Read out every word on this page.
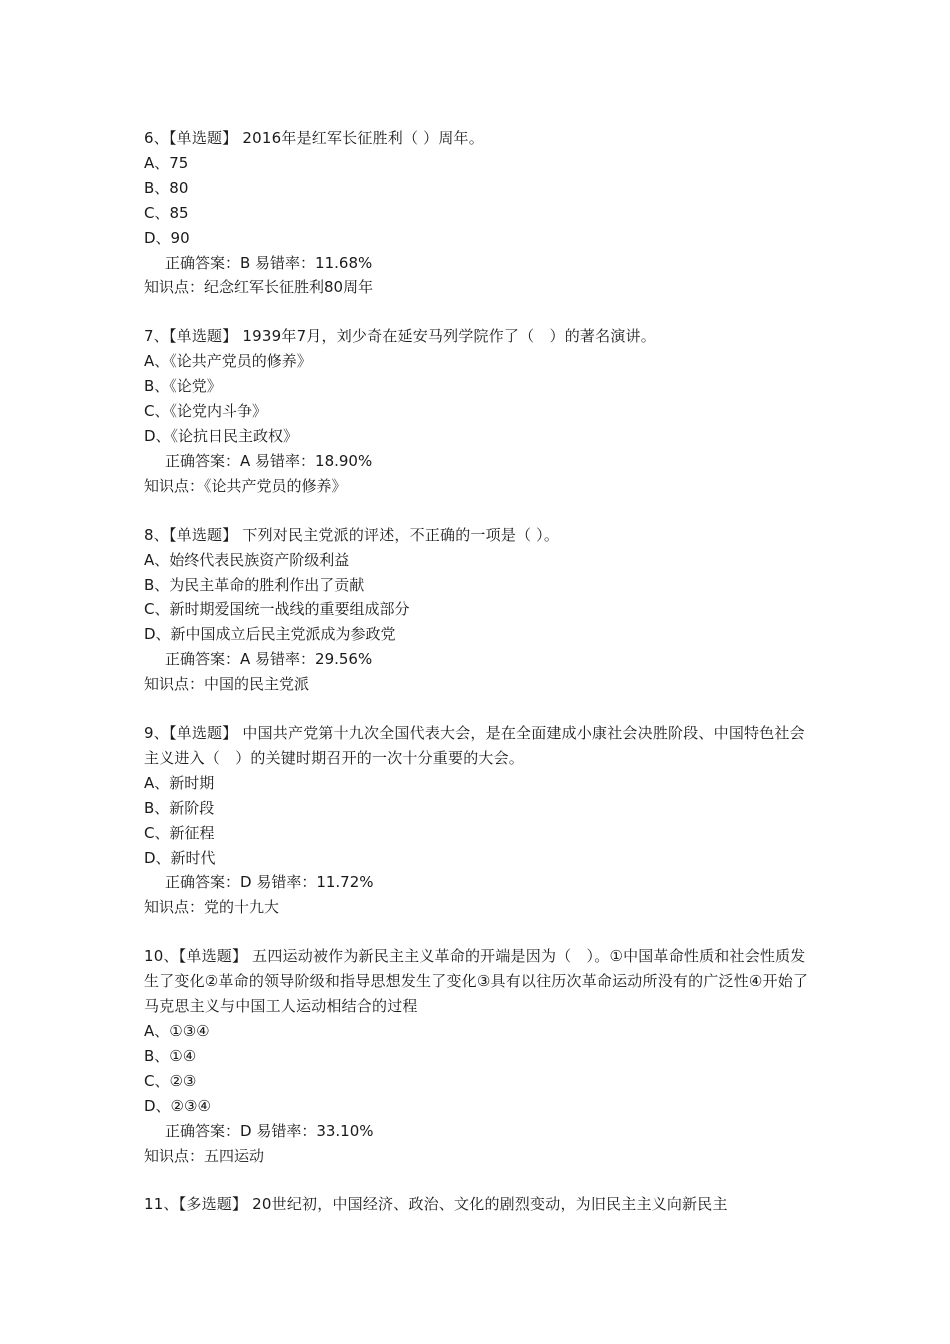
6、【单选题】 2016年是红军长征胜利（ ）周年。
A、75
B、80
C、85
D、90
正确答案：B 易错率：11.68%
知识点：纪念红军长征胜利80周年
7、【单选题】 1939年7月，刘少奇在延安马列学院作了（　）的著名演讲。
A、《论共产党员的修养》
B、《论党》
C、《论党内斗争》
D、《论抗日民主政权》
正确答案：A 易错率：18.90%
知识点：《论共产党员的修养》
8、【单选题】 下列对民主党派的评述，不正确的一项是（ ）。
A、始终代表民族资产阶级利益
B、为民主革命的胜利作出了贡献
C、新时期爱国统一战线的重要组成部分
D、新中国成立后民主党派成为参政党
正确答案：A 易错率：29.56%
知识点：中国的民主党派
9、【单选题】 中国共产党第十九次全国代表大会，是在全面建成小康社会决胜阶段、中国特色社会主义进入（　）的关键时期召开的一次十分重要的大会。
A、新时期
B、新阶段
C、新征程
D、新时代
正确答案：D 易错率：11.72%
知识点：党的十九大
10、【单选题】 五四运动被作为新民主主义革命的开端是因为（　）。①中国革命性质和社会性质发生了变化②革命的领导阶级和指导思想发生了变化③具有以往历次革命运动所没有的广泛性④开始了马克思主义与中国工人运动相结合的过程
A、①③④
B、①④
C、②③
D、②③④
正确答案：D 易错率：33.10%
知识点：五四运动
11、【多选题】 20世纪初，中国经济、政治、文化的剧烈变动，为旧民主主义向新民主
